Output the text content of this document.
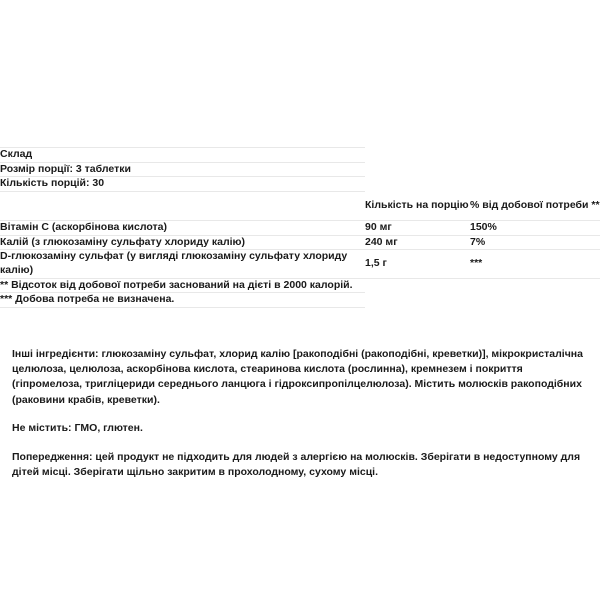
Склад		
Розмір порції: 3 таблетки		
Кількість порцій: 30		
	Кількість на порцію	% від добової потреби **
Вітамін C (аскорбінова кислота)	90 мг	150%
Калій (з глюкозаміну сульфату хлориду калію)	240 мг	7%
D-глюкозаміну сульфат (у вигляді глюкозаміну сульфату хлориду калію)	1,5 г	***
** Відсоток від добової потреби заснований на дієті в 2000 калорій.		
*** Добова потреба не визначена.		

Інші інгредієнти: глюкозаміну сульфат, хлорид калію [ракоподібні (ракоподібні, креветки)], мікрокристалічна целюлоза, целюлоза, аскорбінова кислота, стеаринова кислота (рослинна), кремнезем і покриття (гіпромелоза, тригліцериди середнього ланцюга і гідроксипропілцелюлоза). Містить молюсків ракоподібних (раковини крабів, креветки).

Не містить: ГМО, глютен.

Попередження: цей продукт не підходить для людей з алергією на молюсків. Зберігати в недоступному для дітей місці. Зберігати щільно закритим в прохолодному, сухому місці.
